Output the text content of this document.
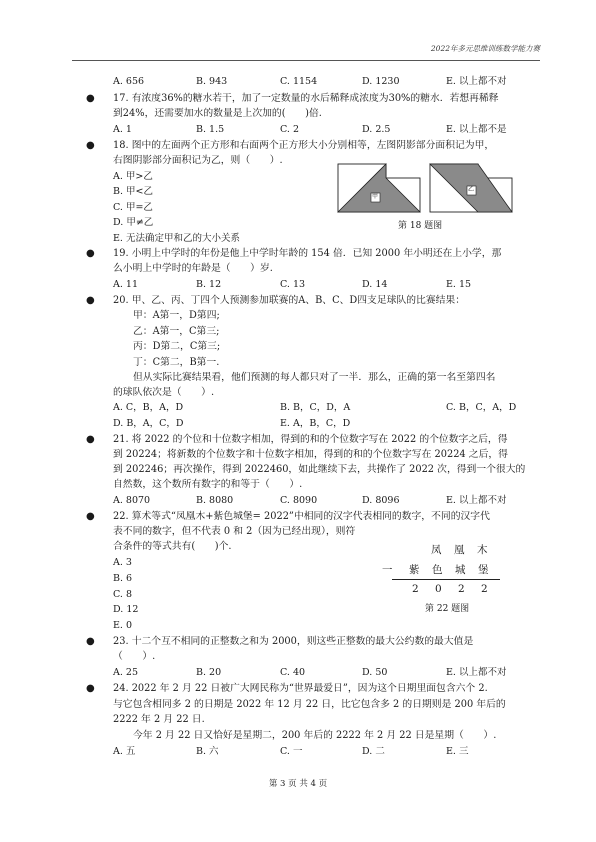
2022年多元思维训练数学能力赛
A. 656	B. 943	C. 1154	D. 1230	E. 以上都不对
● 17. 有浓度36%的糖水若干，加了一定数量的水后稀释成浓度为30%的糖水．若想再稀释
到24%，还需要加水的数量是上次加的(　　)倍.
A. 1	B. 1.5	C. 2	D. 2.5	E. 以上都不是
● 18. 图中的左面两个正方形和右面两个正方形大小分别相等，左图阴影部分面积记为甲，
右图阴影部分面积记为乙，则（　　）.
A. 甲>乙
B. 甲<乙
C. 甲=乙
D. 甲≠乙
E. 无法确定甲和乙的大小关系
甲
乙
第 18 题图
● 19. 小明上中学时的年份是他上中学时年龄的 154 倍．已知 2000 年小明还在上小学，那
么小明上中学时的年龄是（　　）岁.
A. 11	B. 12	C. 13	D. 14	E. 15
● 20. 甲、乙、丙、丁四个人预测参加联赛的A、B、C、D四支足球队的比赛结果：
甲：A第一，D第四;
乙：A第一，C第三;
丙：D第二，C第三;
丁：C第二，B第一.
但从实际比赛结果看，他们预测的每人都只对了一半．那么，正确的第一名至第四名
的球队依次是（　　）.
A. C，B，A，D	B. B，C，D，A	C. B，C，A，D
D. B，A，C，D	E. A，B，C，D
● 21. 将 2022 的个位和十位数字相加，得到的和的个位数字写在 2022 的个位数字之后，得
到 20224；将新数的个位数字和十位数字相加，得到的和的个位数字写在 20224 之后，得
到 202246；再次操作，得到 2022460，如此继续下去，共操作了 2022 次，得到一个很大的
自然数，这个数所有数字的和等于（　　）.
A. 8070	B. 8080	C. 8090	D. 8096	E. 以上都不对
● 22. 算术等式“凤凰木+紫色城堡= 2022”中相同的汉字代表相同的数字，不同的汉字代
表不同的数字，但不代表 0 和 2（因为已经出现），则符
合条件的等式共有(　　)个.
A. 3
B. 6
C. 8
D. 12
E. 0
凤 凰 木
一 紫 色 城 堡
2 0 2 2
第 22 题图
● 23. 十二个互不相同的正整数之和为 2000，则这些正整数的最大公约数的最大值是
（　　）.
A. 25	B. 20	C. 40	D. 50	E. 以上都不对
● 24. 2022 年 2 月 22 日被广大网民称为“世界最爱日”，因为这个日期里面包含六个 2.
与它包含相同多 2 的日期是 2022 年 12 月 22 日，比它包含多 2 的日期则是 200 年后的
2222 年 2 月 22 日.
今年 2 月 22 日又恰好是星期二，200 年后的 2222 年 2 月 22 日是星期（　　）.
A. 五	B. 六	C. 一	D. 二	E. 三
第 3 页 共 4 页
